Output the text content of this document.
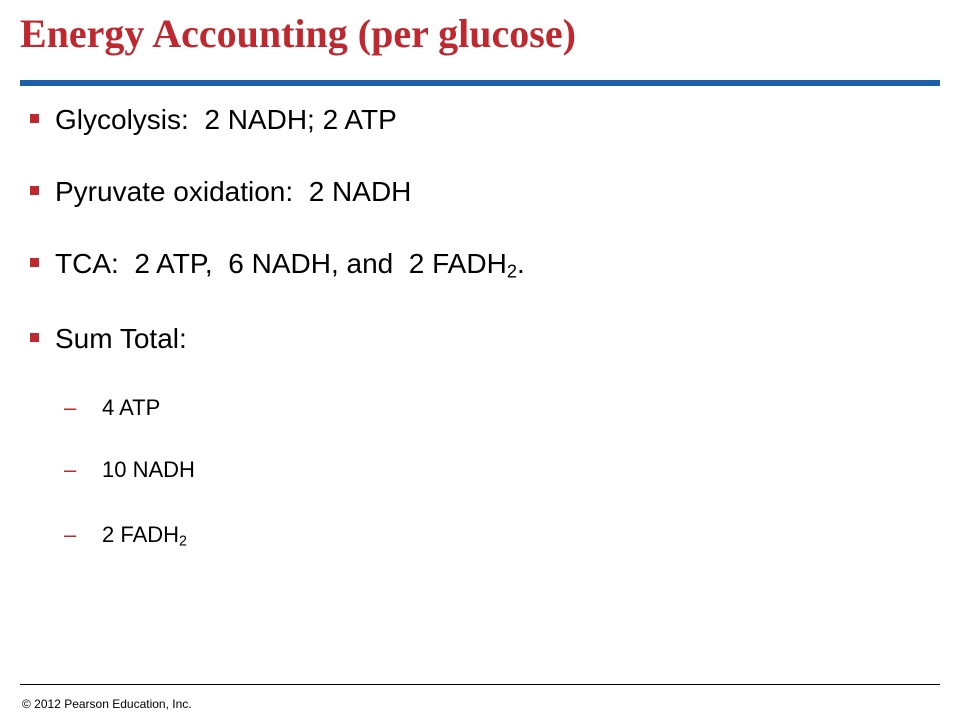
Energy Accounting (per glucose)
Glycolysis:  2 NADH; 2 ATP
Pyruvate oxidation:  2 NADH
TCA:  2 ATP,  6 NADH, and  2 $FADH_2$.
Sum Total:
–	4 ATP
–	10 NADH
–	2 $FADH_2$
© 2012 Pearson Education, Inc.
